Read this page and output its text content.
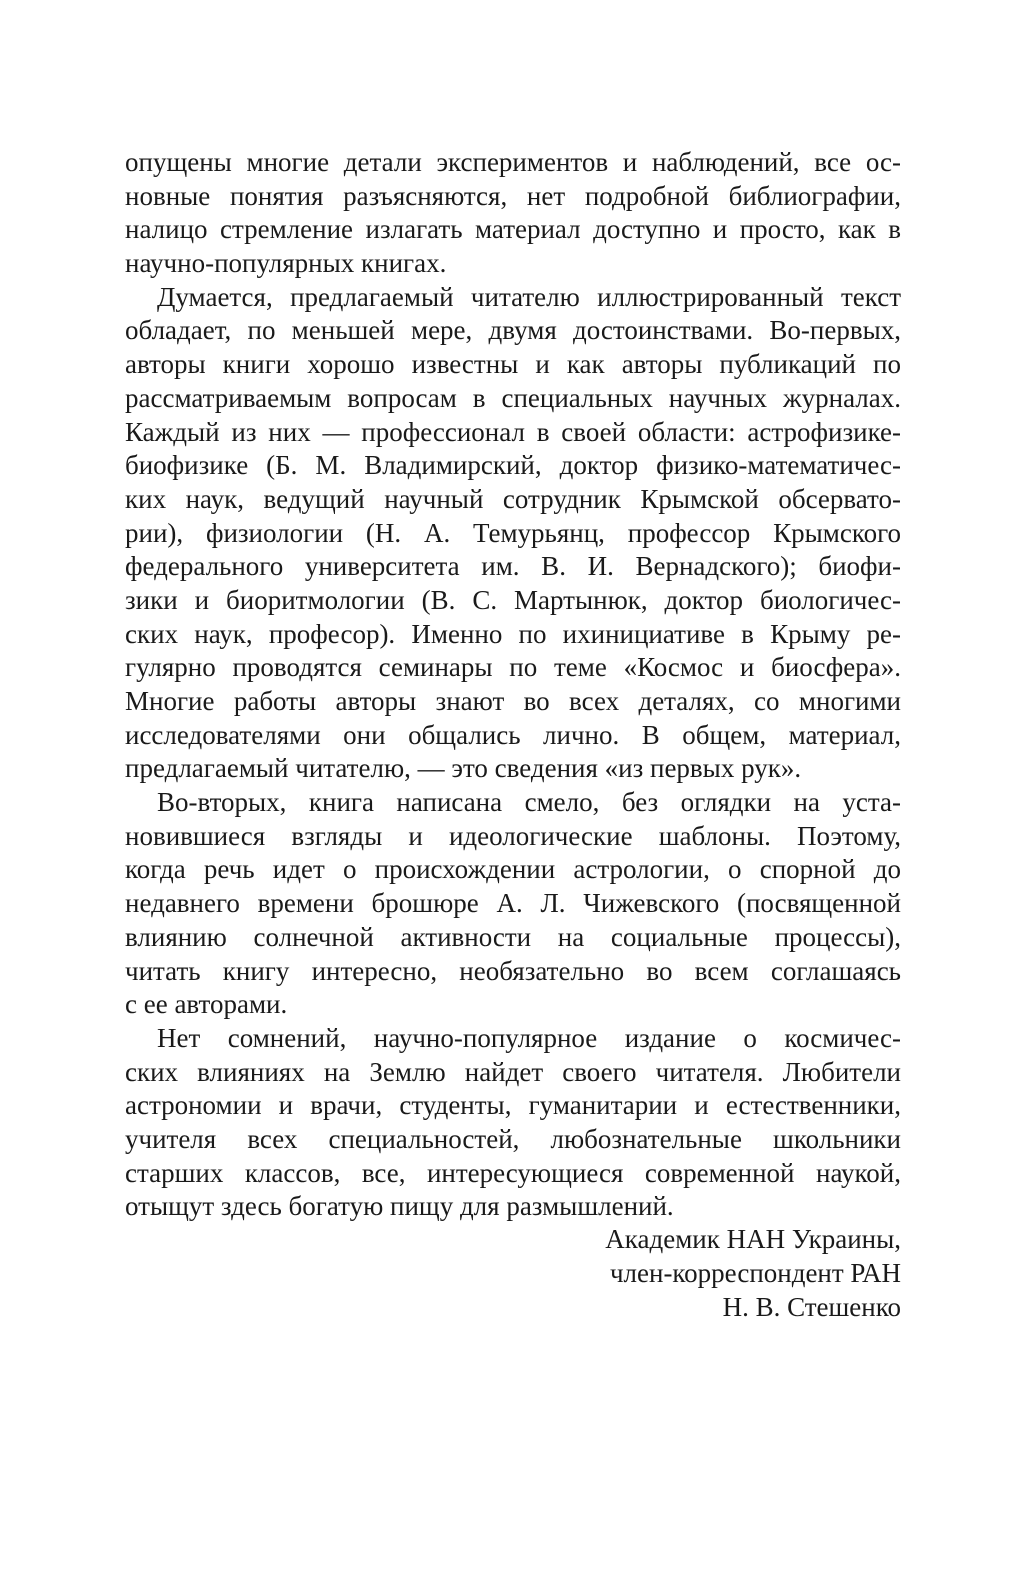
опущены многие детали экспериментов и наблюдений, все ос-
новные понятия разъясняются, нет подробной библиографии,
налицо стремление излагать материал доступно и просто, как в
научно-популярных книгах.
Думается, предлагаемый читателю иллюстрированный текст
обладает, по меньшей мере, двумя достоинствами. Во-первых,
авторы книги хорошо известны и как авторы публикаций по
рассматриваемым вопросам в специальных научных журналах.
Каждый из них — профессионал в своей области: астрофизике-
биофизике (Б. М. Владимирский, доктор физико-математичес-
ких наук, ведущий научный сотрудник Крымской обсервато-
рии), физиологии (Н. А. Темурьянц, профессор Крымского
федерального университета им. В. И. Вернадского); биофи-
зики и биоритмологии (В. С. Мартынюк, доктор биологичес-
ских наук, професор). Именно по ихинициативе в Крыму ре-
гулярно проводятся семинары по теме «Космос и биосфера».
Многие работы авторы знают во всех деталях, со многими
исследователями они общались лично. В общем, материал,
предлагаемый читателю, — это сведения «из первых рук».
Во-вторых, книга написана смело, без оглядки на уста-
новившиеся взгляды и идеологические шаблоны. Поэтому,
когда речь идет о происхождении астрологии, о спорной до
недавнего времени брошюре А. Л. Чижевского (посвященной
влиянию солнечной активности на социальные процессы),
читать книгу интересно, необязательно во всем соглашаясь
с ее авторами.
Нет сомнений, научно-популярное издание о космичес-
ских влияниях на Землю найдет своего читателя. Любители
астрономии и врачи, студенты, гуманитарии и естественники,
учителя всех специальностей, любознательные школьники
старших классов, все, интересующиеся современной наукой,
отыщут здесь богатую пищу для размышлений.
Академик НАН Украины,
член-корреспондент РАН
Н. В. Стешенко
